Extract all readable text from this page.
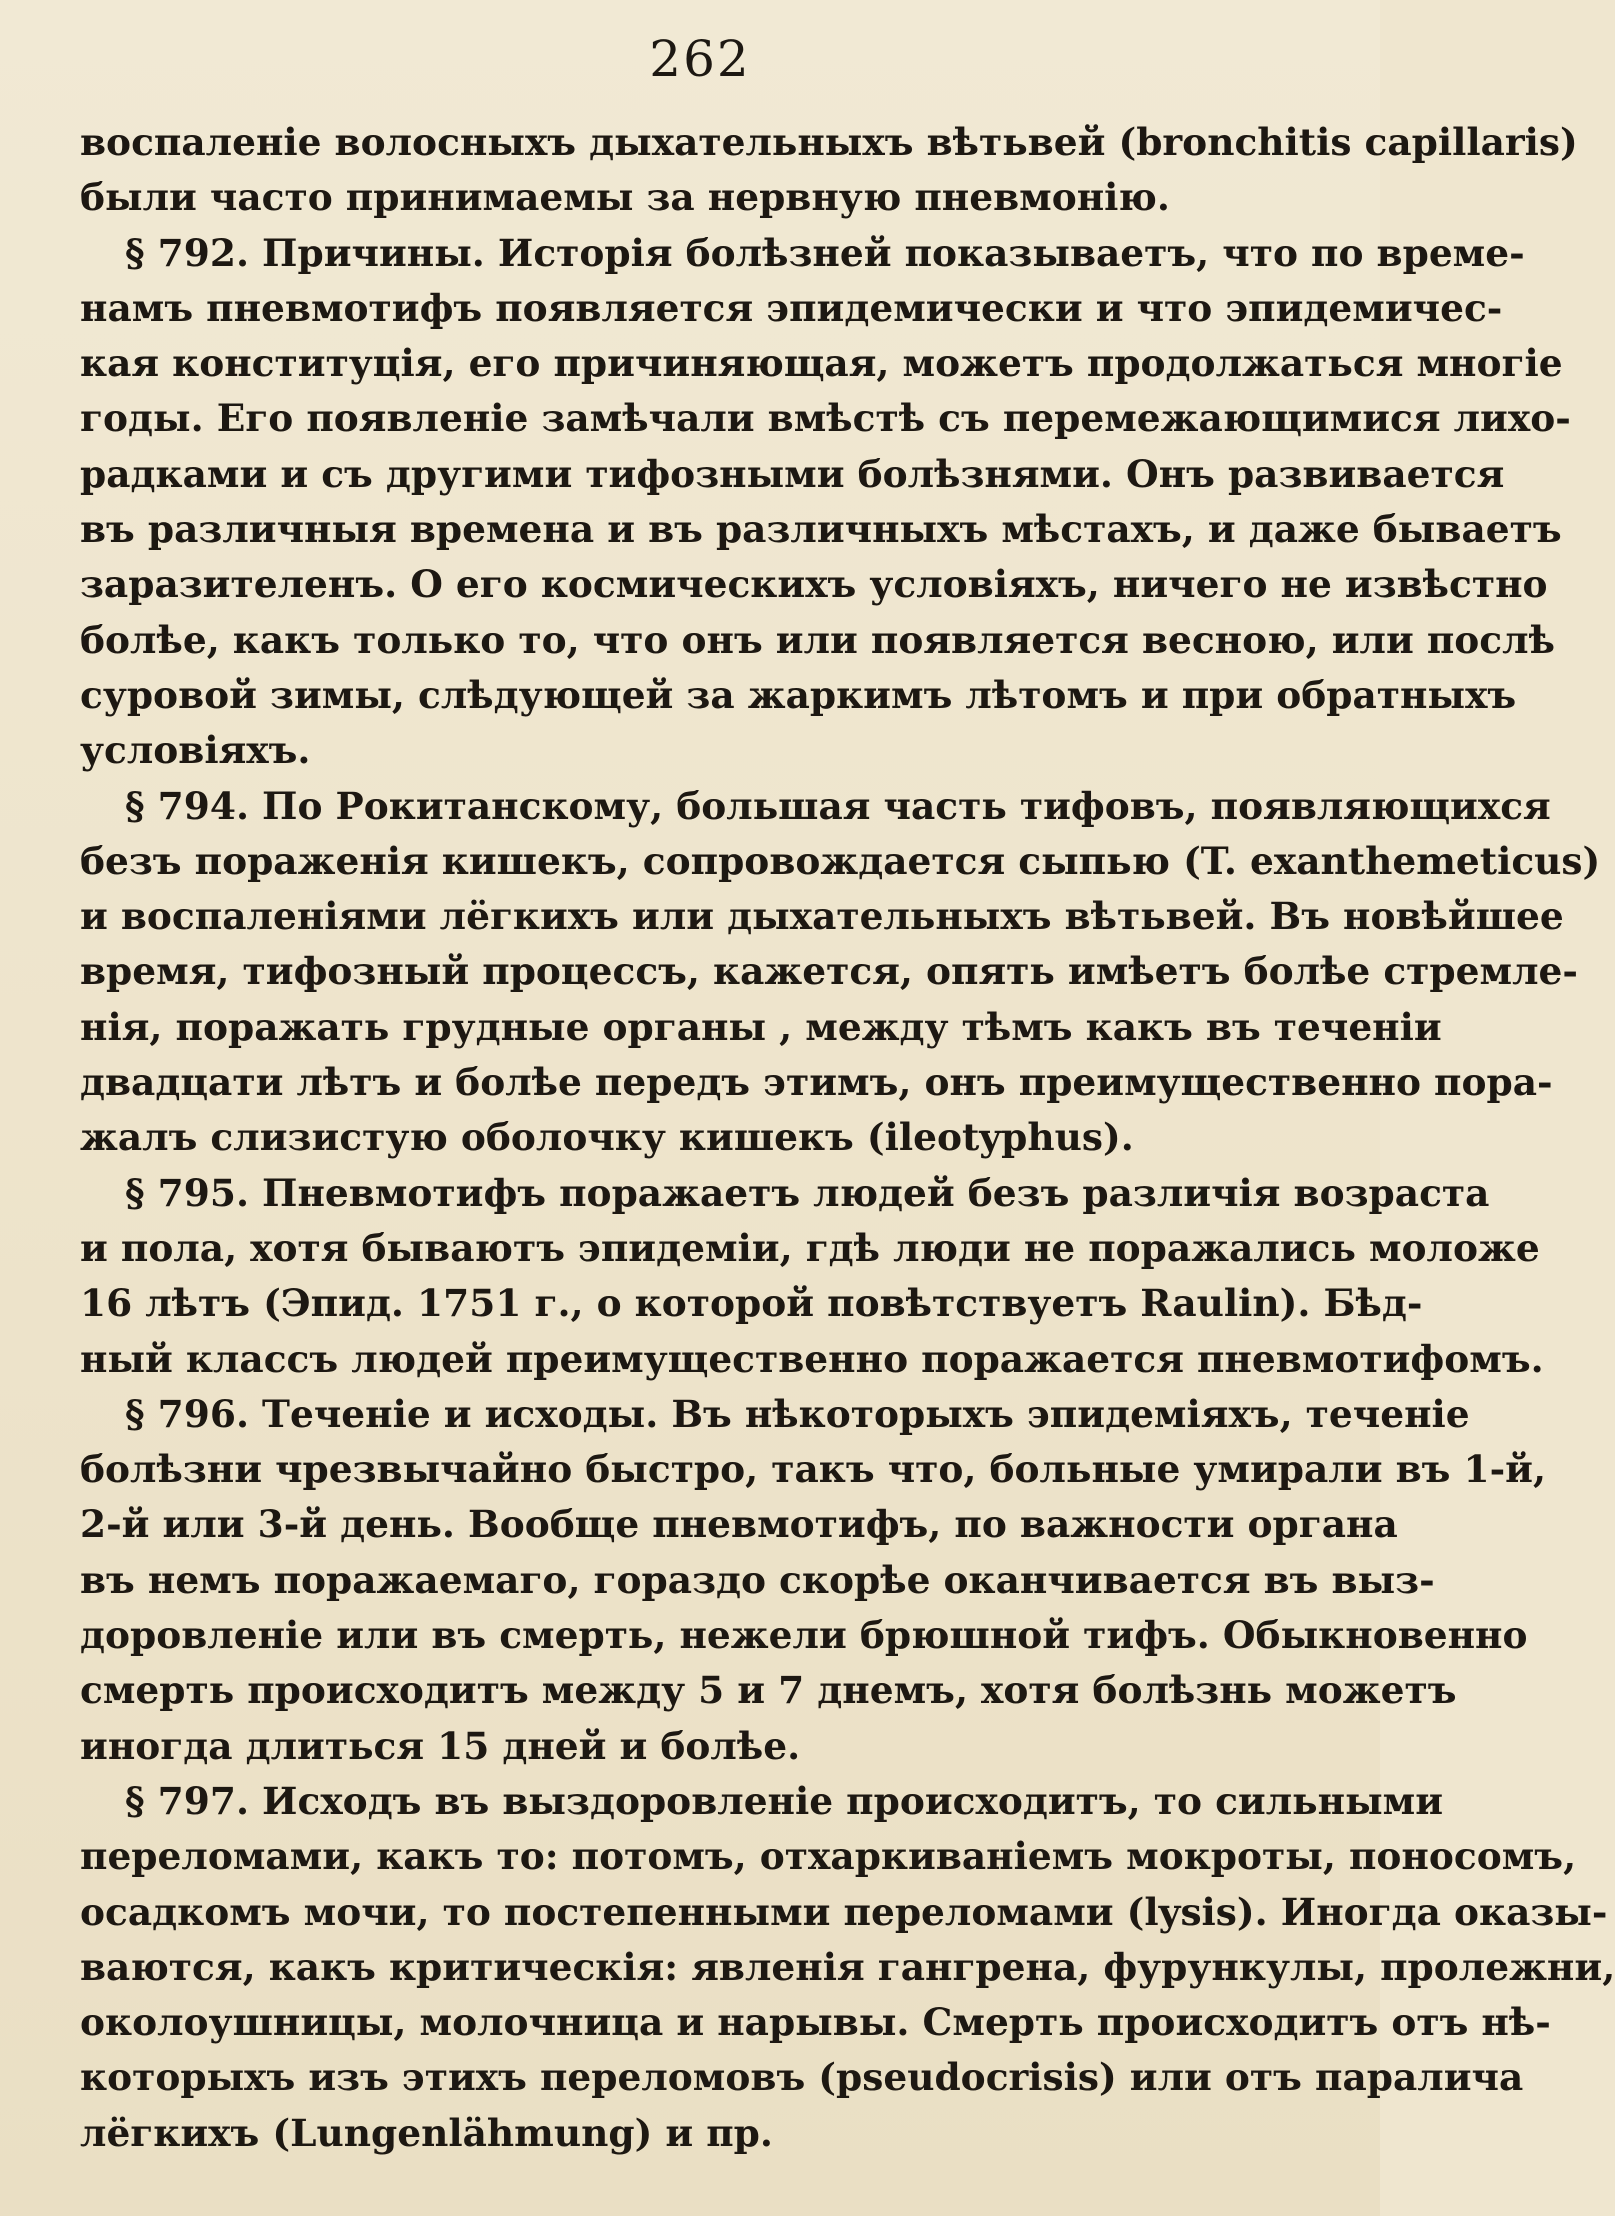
262
воспаленіе волосныхъ дыхательныхъ вѣтьвей (bronchitis capillaris)
были часто принимаемы за нервную пневмонію.
§ 792. Причины. Исторія болѣзней показываетъ, что по време-
намъ пневмотифъ появляется эпидемически и что эпидемичес-
кая конституція, его причиняющая, можетъ продолжаться многіе
годы. Его появленіе замѣчали вмѣстѣ съ перемежающимися лихо-
радками и съ другими тифозными болѣзнями. Онъ развивается
въ различныя времена и въ различныхъ мѣстахъ, и даже бываетъ
заразителенъ. О его космическихъ условіяхъ, ничего не извѣстно
болѣе, какъ только то, что онъ или появляется весною, или послѣ
суровой зимы, слѣдующей за жаркимъ лѣтомъ и при обратныхъ
условіяхъ.
§ 794. По Рокитанскому, большая часть тифовъ, появляющихся
безъ пораженія кишекъ, сопровождается сыпью (T. exanthemeticus)
и воспаленіями лёгкихъ или дыхательныхъ вѣтьвей. Въ новѣйшее
время, тифозный процессъ, кажется, опять имѣетъ болѣе стремле-
нія, поражать грудные органы , между тѣмъ какъ въ теченіи
двадцати лѣтъ и болѣе передъ этимъ, онъ преимущественно пора-
жалъ слизистую оболочку кишекъ (ileotyphus).
§ 795. Пневмотифъ поражаетъ людей безъ различія возраста
и пола, хотя бываютъ эпидеміи, гдѣ люди не поражались моложе
16 лѣтъ (Эпид. 1751 г., о которой повѣтствуетъ Raulin). Бѣд-
ный классъ людей преимущественно поражается пневмотифомъ.
§ 796. Теченіе и исходы. Въ нѣкоторыхъ эпидеміяхъ, теченіе
болѣзни чрезвычайно быстро, такъ что, больные умирали въ 1-й,
2-й или 3-й день. Вообще пневмотифъ, по важности органа
въ немъ поражаемаго, гораздо скорѣе оканчивается въ выз-
доровленіе или въ смерть, нежели брюшной тифъ. Обыкновенно
смерть происходитъ между 5 и 7 днемъ, хотя болѣзнь можетъ
иногда длиться 15 дней и болѣе.
§ 797. Исходъ въ выздоровленіе происходитъ, то сильными
переломами, какъ то: потомъ, отхаркиваніемъ мокроты, поносомъ,
осадкомъ мочи, то постепенными переломами (lysis). Иногда оказы-
ваются, какъ критическія: явленія гангрена, фурункулы, пролежни,
околоушницы, молочница и нарывы. Смерть происходитъ отъ нѣ-
которыхъ изъ этихъ переломовъ (pseudocrisis) или отъ паралича
лёгкихъ (Lungenlähmung) и пр.
